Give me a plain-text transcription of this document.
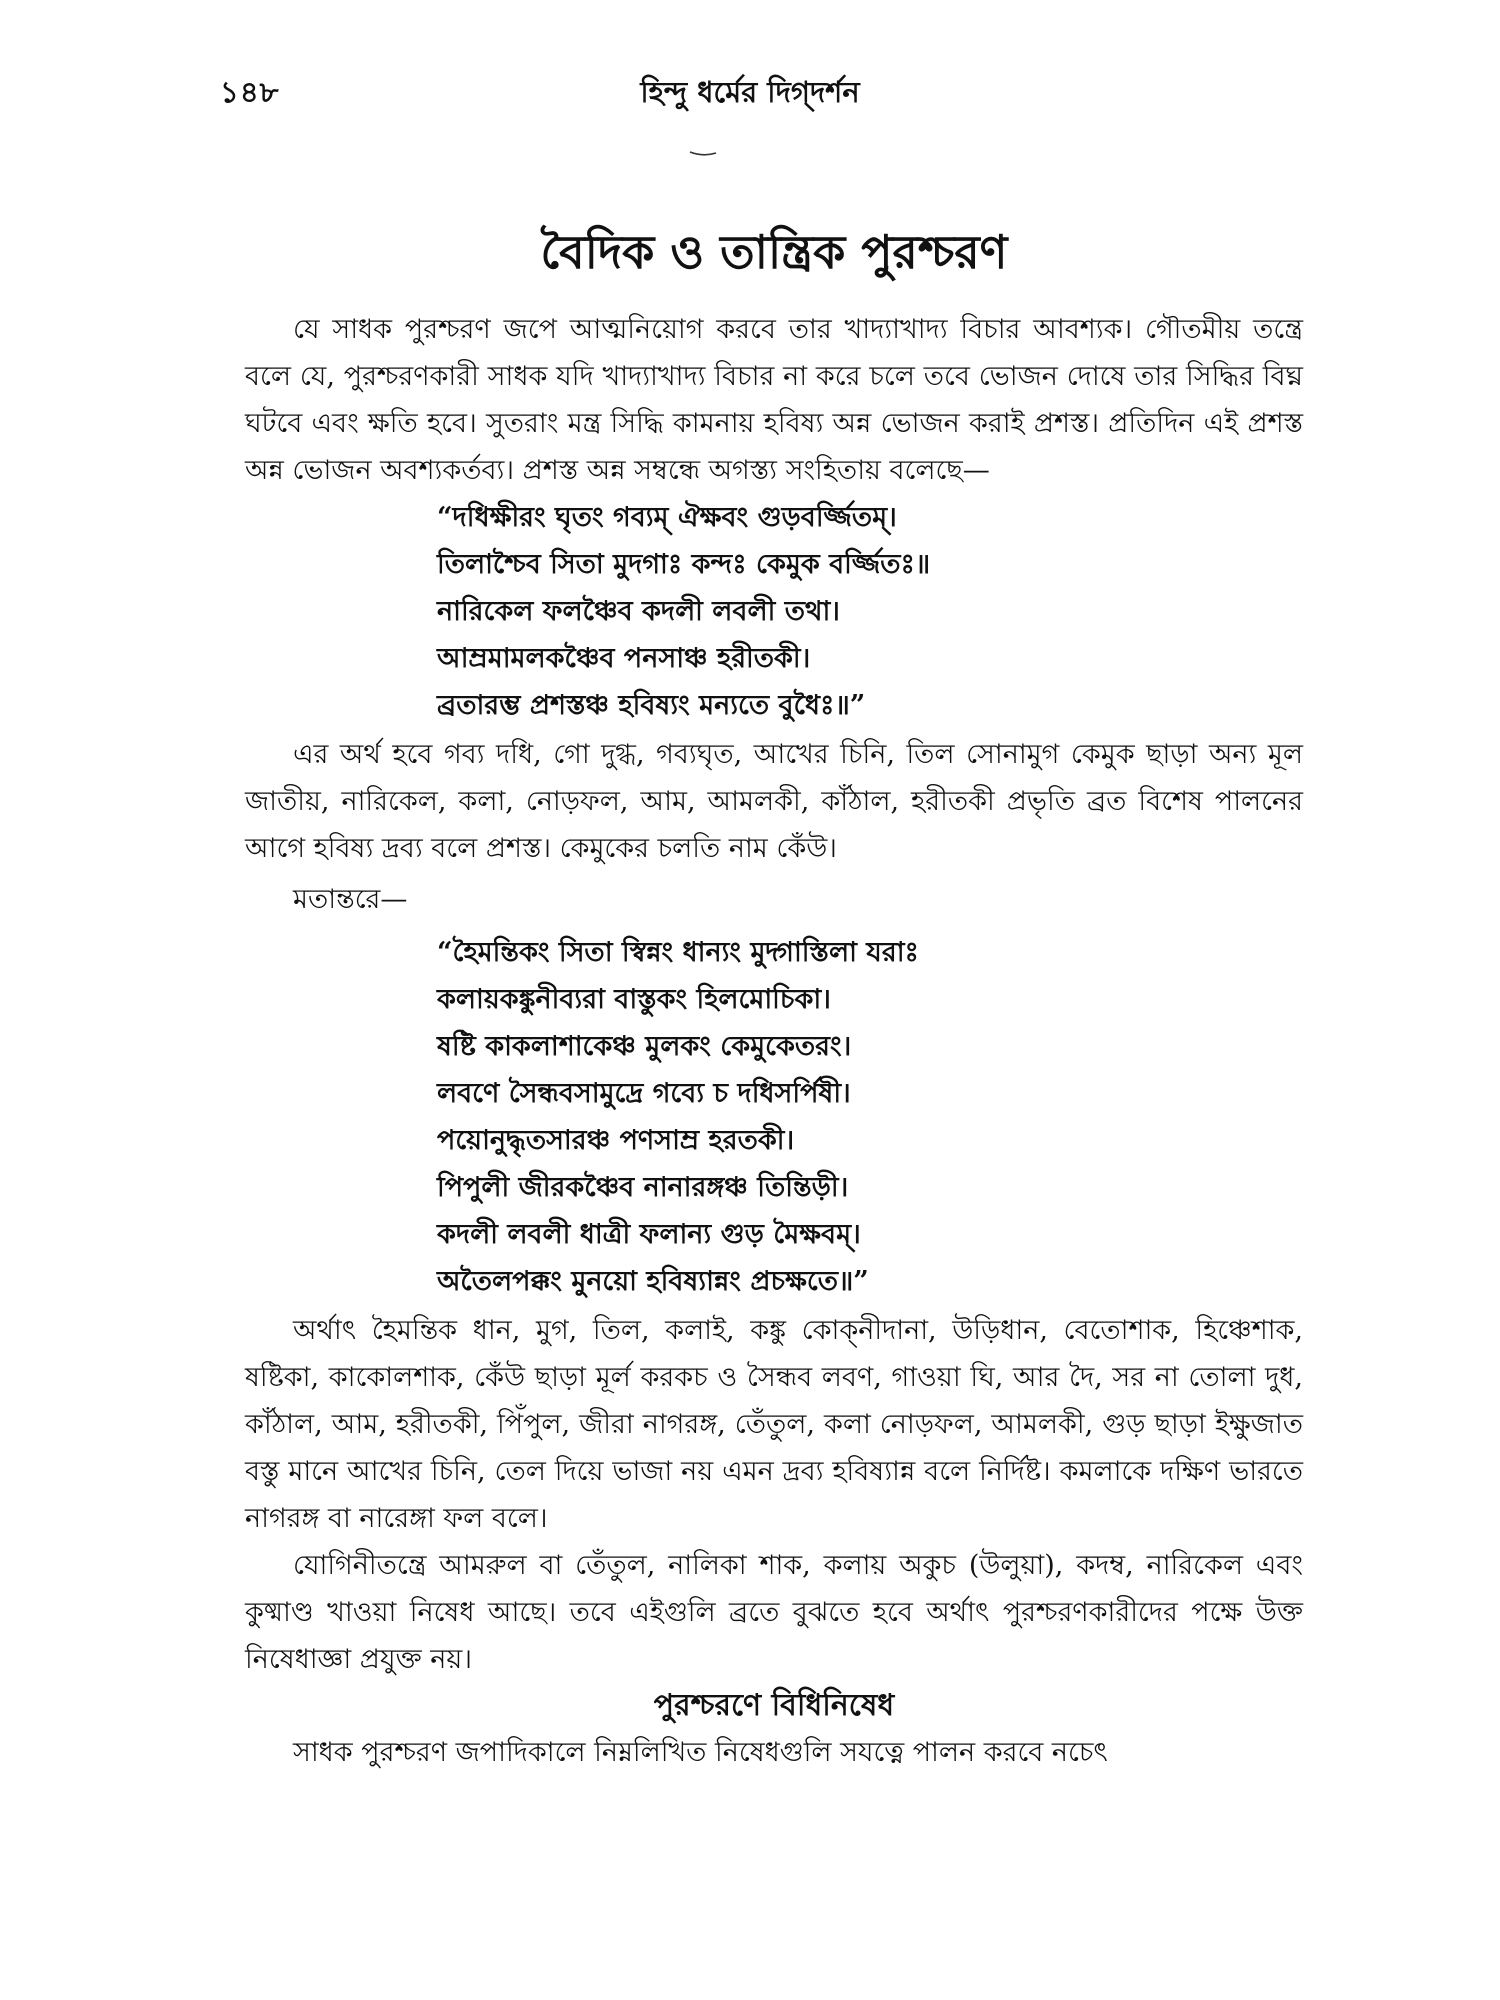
হিন্দু ধর্মের দিগ্‌দর্শন
১৪৮
বৈদিক ও তান্ত্রিক পুরশ্চরণ

যে সাধক পুরশ্চরণ জপে আত্মনিয়োগ করবে তার খাদ্যাখাদ্য বিচার আবশ্যক। গৌতমীয় তন্ত্রে বলে যে, পুরশ্চরণকারী সাধক যদি খাদ্যাখাদ্য বিচার না করে চলে তবে ভোজন দোষে তার সিদ্ধির বিঘ্ন ঘটবে এবং ক্ষতি হবে। সুতরাং মন্ত্র সিদ্ধি কামনায় হবিষ্য অন্ন ভোজন করাই প্রশস্ত। প্রতিদিন এই প্রশস্ত অন্ন ভোজন অবশ্যকর্তব্য। প্রশস্ত অন্ন সম্বন্ধে অগস্ত্য সংহিতায় বলেছে—

“দধিক্ষীরং ঘৃতং গব্যম্ ঐক্ষবং গুড়বর্জ্জিতম্।
তিলাশ্চৈব সিতা মুদগাঃ কন্দঃ কেমুক বৰ্জ্জিতঃ॥
নারিকেল ফলঞ্চৈব কদলী লবলী তথা।
আম্রমামলকঞ্চৈব পনসাঞ্চ হরীতকী।
ব্রতারম্ভ প্রশস্তঞ্চ হবিষ্যং মন্যতে বুধৈঃ॥”

এর অর্থ হবে গব্য দধি, গো দুগ্ধ, গব্যঘৃত, আখের চিনি, তিল সোনামুগ কেমুক ছাড়া অন্য মূল জাতীয়, নারিকেল, কলা, নোড়ফল, আম, আমলকী, কাঁঠাল, হরীতকী প্রভৃতি ব্রত বিশেষ পালনের আগে হবিষ্য দ্রব্য বলে প্রশস্ত। কেমুকের চলতি নাম কেঁউ।

মতান্তরে—

“হৈমন্তিকং সিতা স্বিন্নং ধান্যং মুদ্গাস্তিলা যরাঃ
কলায়কঙ্কুনীব্যরা বাস্তুকং হিলমোচিকা।
ষষ্টি কাকলাশাকেঞ্চ মুলকং কেমুকেতরং।
লবণে সৈন্ধবসামুদ্রে গব্যে চ দধিসর্পিষী।
পয়োনুদ্ধৃতসারঞ্চ পণসাম্র হরতকী।
পিপুলী জীরকঞ্চৈব নানারঙ্গঞ্চ তিন্তিড়ী।
কদলী লবলী ধাত্রী ফলান্য গুড় মৈক্ষবম্।
অতৈলপক্কং মুনয়ো হবিষ্যান্নং প্রচক্ষতে॥”

অর্থাৎ হৈমন্তিক ধান, মুগ, তিল, কলাই, কঙ্কু কোক্‌নীদানা, উড়িধান, বেতোশাক, হিঞ্চেশাক, ষষ্টিকা, কাকোলশাক, কেঁউ ছাড়া মূর্ল করকচ ও সৈন্ধব লবণ, গাওয়া ঘি, আর দৈ, সর না তোলা দুধ, কাঁঠাল, আম, হরীতকী, পিঁপুল, জীরা নাগরঙ্গ, তেঁতুল, কলা নোড়ফল, আমলকী, গুড় ছাড়া ইক্ষুজাত বস্তু মানে আখের চিনি, তেল দিয়ে ভাজা নয় এমন দ্রব্য হবিষ্যান্ন বলে নির্দিষ্ট। কমলাকে দক্ষিণ ভারতে নাগরঙ্গ বা নারেঙ্গা ফল বলে।

যোগিনীতন্ত্রে আমরুল বা তেঁতুল, নালিকা শাক, কলায় অকুচ (উলুয়া), কদম্ব, নারিকেল এবং কুষ্মাণ্ড খাওয়া নিষেধ আছে। তবে এইগুলি ব্রতে বুঝতে হবে অর্থাৎ পুরশ্চরণকারীদের পক্ষে উক্ত নিষেধাজ্ঞা প্রযুক্ত নয়।

পুরশ্চরণে বিধিনিষেধ

সাধক পুরশ্চরণ জপাদিকালে নিম্নলিখিত নিষেধগুলি সযত্নে পালন করবে নচেৎ
